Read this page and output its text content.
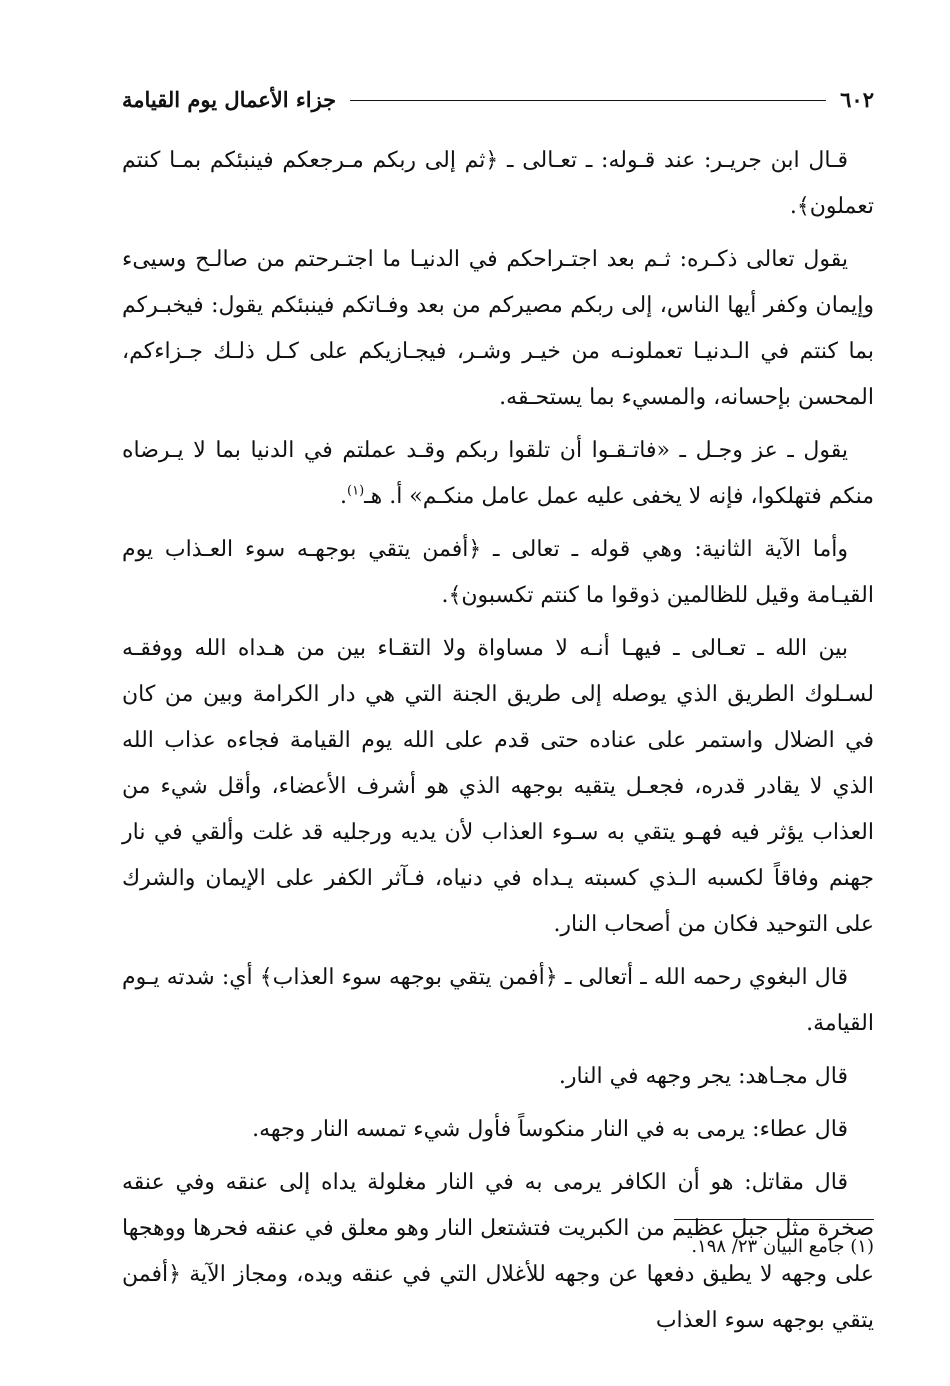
٦٠٢
جزاء الأعمال يوم القيامة

قـال ابن جريـر: عند قـوله: ـ تعـالى ـ ﴿ثم إلى ربكم مـرجعكم فينبئكم بمـا كنتم تعملون﴾.

يقول تعالى ذكـره: ثـم بعد اجتـراحكم في الدنيـا ما اجتـرحتم من صالـح وسيىء وإيمان وكفر أيها الناس، إلى ربكم مصيركم من بعد وفـاتكم فينبئكم يقول: فيخبـركم بما كنتم في الـدنيـا تعملونـه من خيـر وشـر، فيجـازيكم على كـل ذلـك جـزاءكم، المحسن بإحسانه، والمسيء بما يستحـقه.

يقول ـ عز وجـل ـ «فاتـقـوا أن تلقوا ربكم وقـد عملتم في الدنيا بما لا يـرضاه منكم فتهلكوا، فإنه لا يخفى عليه عمل عامل منكـم» أ. هـ$^{(١)}$.

وأما الآية الثانية: وهي قوله ـ تعالى ـ ﴿أفمن يتقي بوجهـه سوء العـذاب يوم القيـامة وقيل للظالمين ذوقوا ما كنتم تكسبون﴾.

بين الله ـ تعـالى ـ فيهـا أنـه لا مساواة ولا التقـاء بين من هـداه الله ووفقـه لسـلوك الطريق الذي يوصله إلى طريق الجنة التي هي دار الكرامة وبين من كان في الضلال واستمر على عناده حتى قدم على الله يوم القيامة فجاءه عذاب الله الذي لا يقادر قدره، فجعـل يتقيه بوجهه الذي هو أشرف الأعضاء، وأقل شيء من العذاب يؤثر فيه فهـو يتقي به سـوء العذاب لأن يديه ورجليه قد غلت وألقي في نار جهنم وفاقاً لكسبه الـذي كسبته يـداه في دنياه، فـآثر الكفر على الإيمان والشرك على التوحيد فكان من أصحاب النار.

قال البغوي رحمه الله ـ أتعالى ـ ﴿أفمن يتقي بوجهه سوء العذاب﴾ أي: شدته يـوم القيامة.

قال مجـاهد: يجر وجهه في النار.

قال عطاء: يرمى به في النار منكوساً فأول شيء تمسه النار وجهه.

قال مقاتل: هو أن الكافر يرمى به في النار مغلولة يداه إلى عنقه وفي عنقه صخرة مثل جبل عظيم من الكبريت فتشتعل النار وهو معلق في عنقه فحرها ووهجها على وجهه لا يطيق دفعها عن وجهه للأغلال التي في عنقه ويده، ومجاز الآية ﴿أفمن يتقي بوجهه سوء العذاب

(١) جامع البيان ٢٣/ ١٩٨.
